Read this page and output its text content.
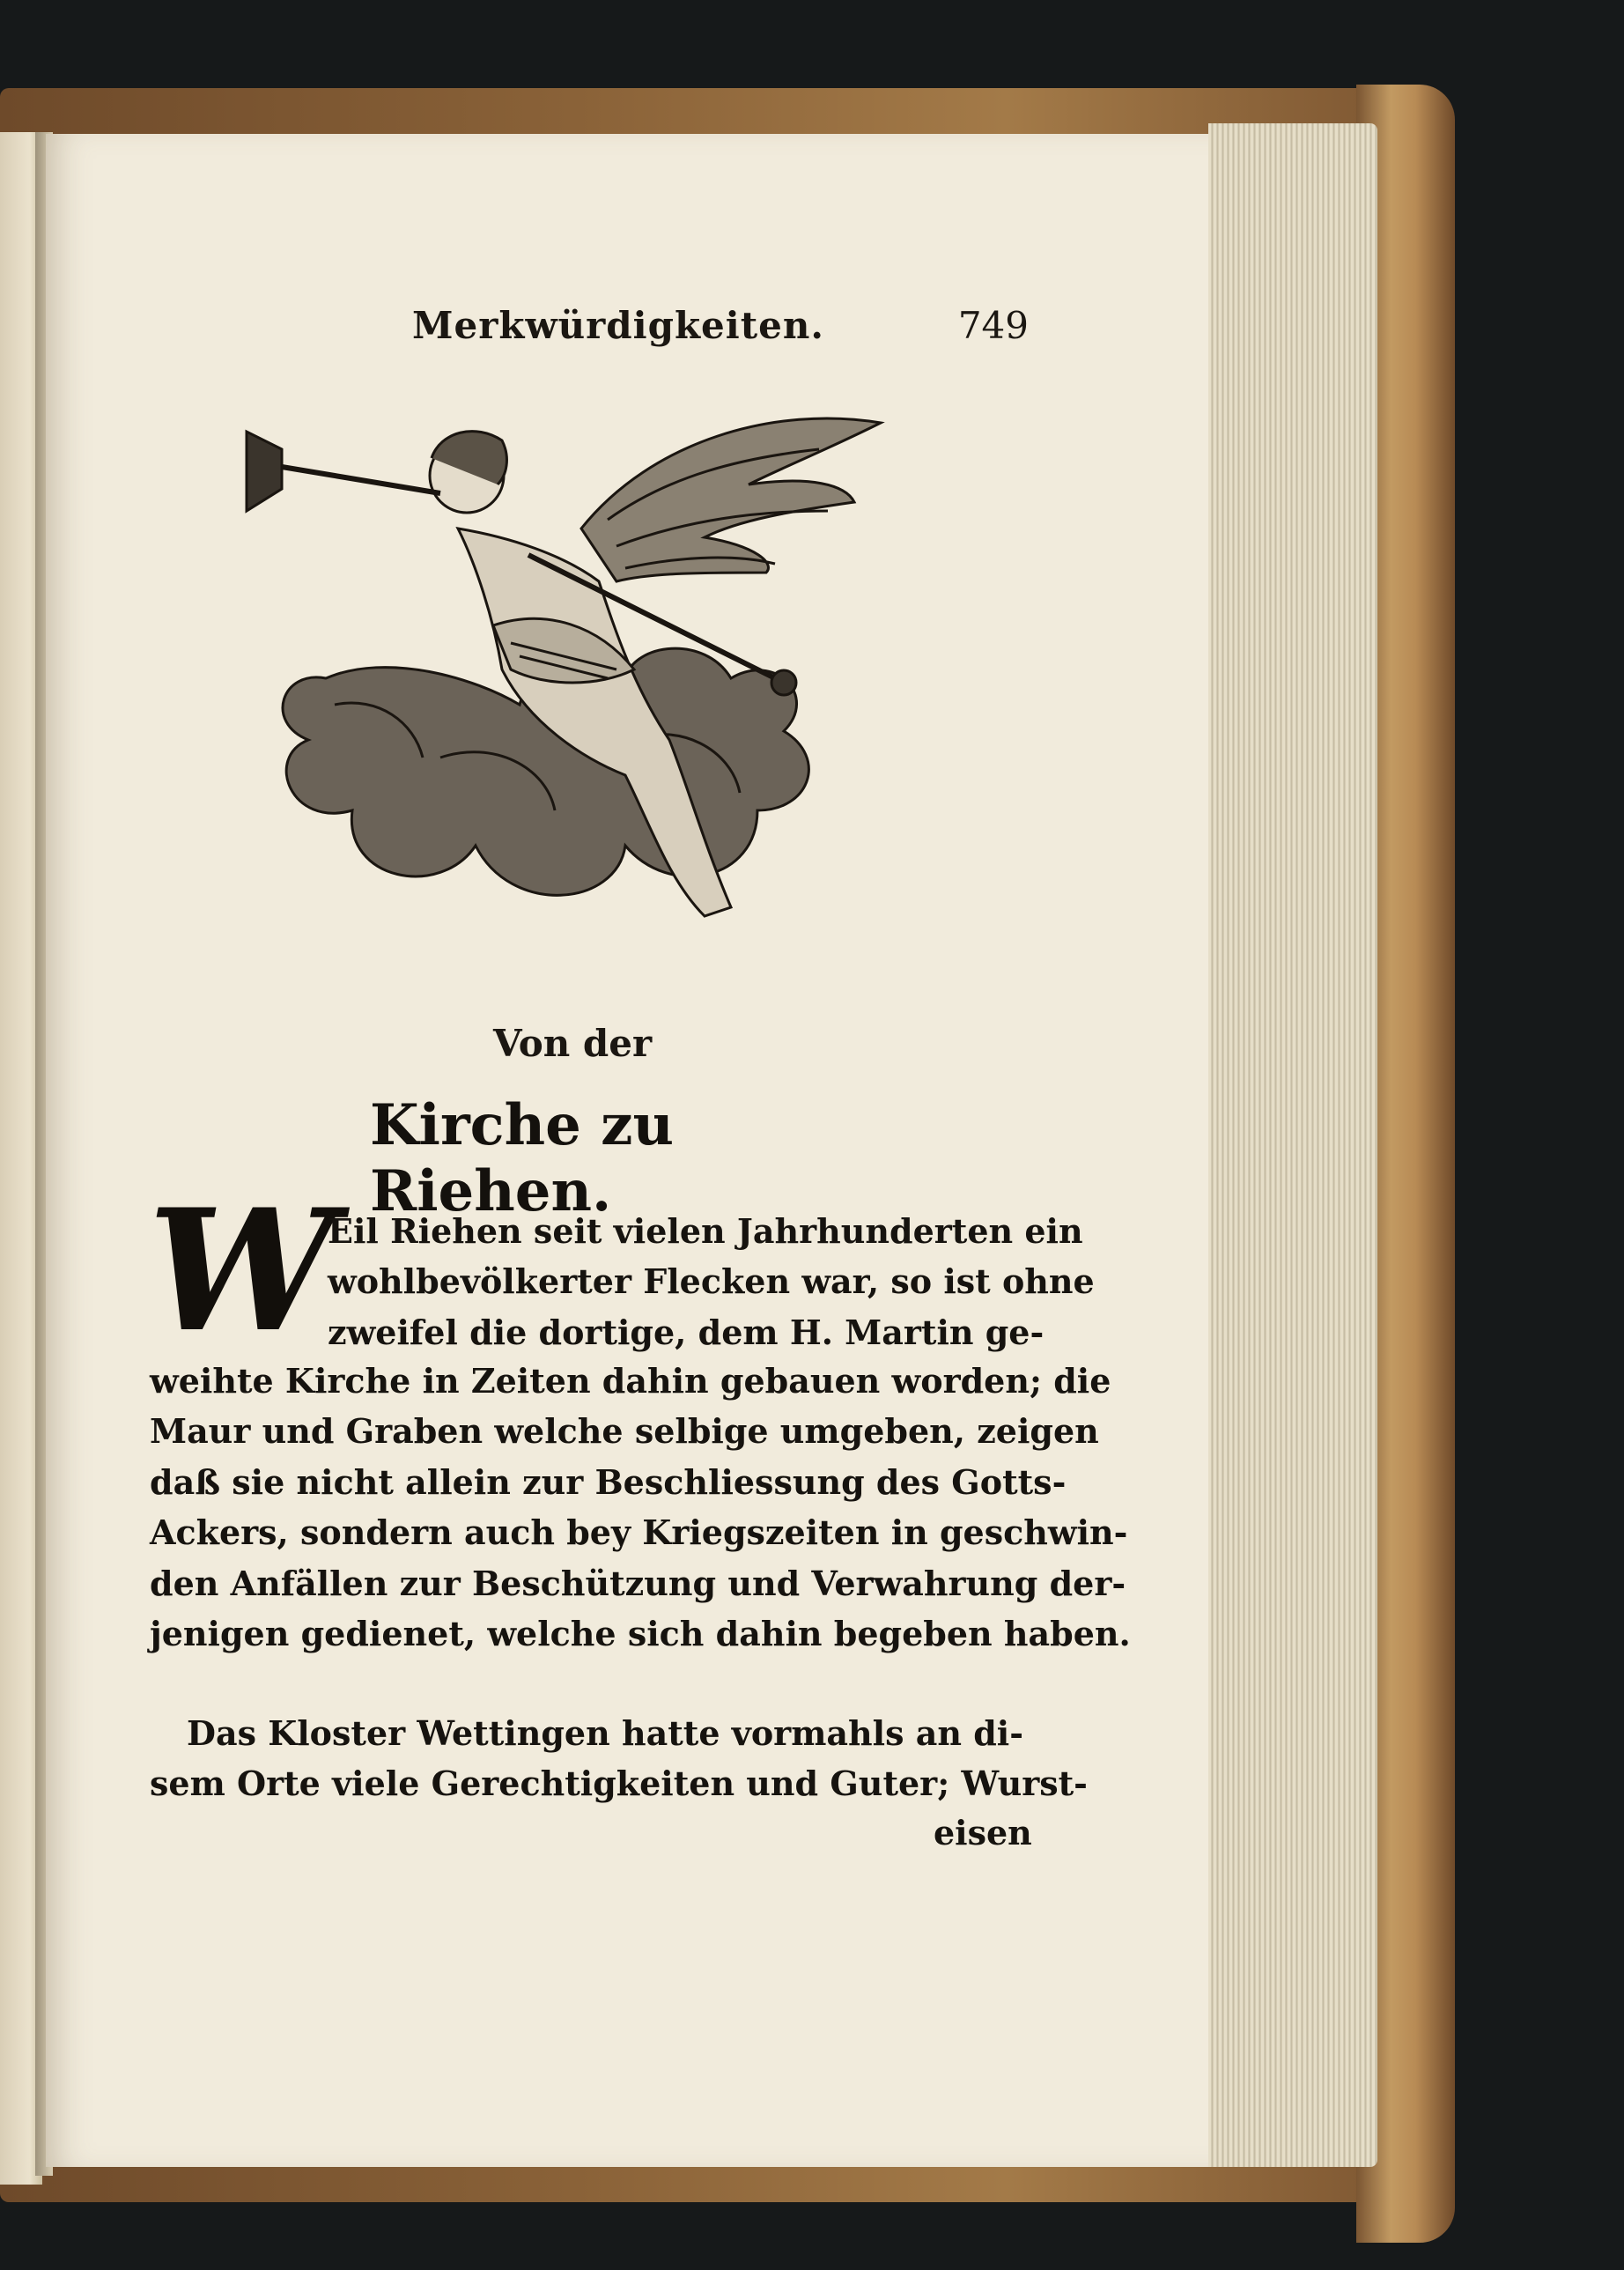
Merkwürdigkeiten.	749
Von der
Kirche zu Riehen.
W
Eil Riehen seit vielen Jahrhunderten ein
wohlbevölkerter Flecken war, so ist ohne
zweifel die dortige, dem H. Martin ge-
weihte Kirche in Zeiten dahin gebauen worden; die
Maur und Graben welche selbige umgeben, zeigen
daß sie nicht allein zur Beschliessung des Gotts-
Ackers, sondern auch bey Kriegszeiten in geschwin-
den Anfällen zur Beschützung und Verwahrung der-
jenigen gedienet, welche sich dahin begeben haben.
Das Kloster Wettingen hatte vormahls an di-
sem Orte viele Gerechtigkeiten und Guter; Wurst-
eisen
